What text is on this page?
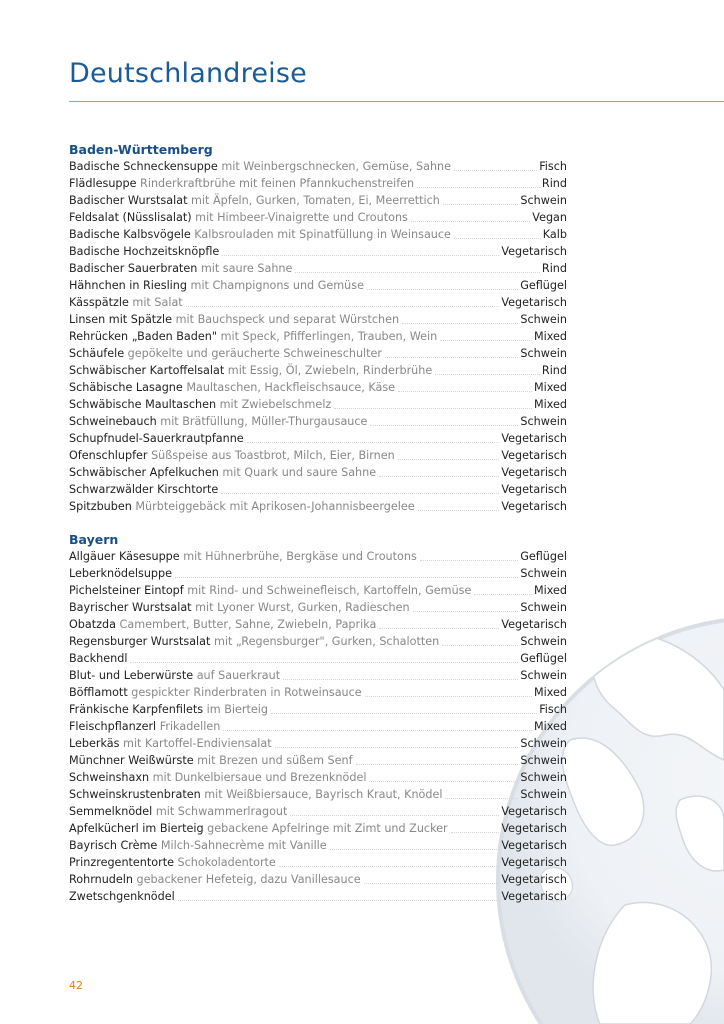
Deutschlandreise
Baden-Württemberg
Badische Schneckensuppe mit Weinbergschnecken, Gemüse, Sahne	Fisch
Flädlesuppe Rinderkraftbrühe mit feinen Pfannkuchenstreifen	Rind
Badischer Wurstsalat mit Äpfeln, Gurken, Tomaten, Ei, Meerrettich	Schwein
Feldsalat (Nüsslisalat) mit Himbeer-Vinaigrette und Croutons	Vegan
Badische Kalbsvögele Kalbsrouladen mit Spinatfüllung in Weinsauce	Kalb
Badische Hochzeitsknöpfle	Vegetarisch
Badischer Sauerbraten mit saure Sahne	Rind
Hähnchen in Riesling mit Champignons und Gemüse	Geflügel
Kässpätzle mit Salat	Vegetarisch
Linsen mit Spätzle mit Bauchspeck und separat Würstchen	Schwein
Rehrücken „Baden Baden" mit Speck, Pfifferlingen, Trauben, Wein	Mixed
Schäufele gepökelte und geräucherte Schweineschulter	Schwein
Schwäbischer Kartoffelsalat mit Essig, Öl, Zwiebeln, Rinderbrühe	Rind
Schäbische Lasagne Maultaschen, Hackfleischsauce, Käse	Mixed
Schwäbische Maultaschen mit Zwiebelschmelz	Mixed
Schweinebauch mit Brätfüllung, Müller-Thurgausauce	Schwein
Schupfnudel-Sauerkrautpfanne	Vegetarisch
Ofenschlupfer Süßspeise aus Toastbrot, Milch, Eier, Birnen	Vegetarisch
Schwäbischer Apfelkuchen mit Quark und saure Sahne	Vegetarisch
Schwarzwälder Kirschtorte	Vegetarisch
Spitzbuben Mürbteiggebäck mit Aprikosen-Johannisbeergelee	Vegetarisch
Bayern
Allgäuer Käsesuppe mit Hühnerbrühe, Bergkäse und Croutons	Geflügel
Leberknödelsuppe	Schwein
Pichelsteiner Eintopf mit Rind- und Schweinefleisch, Kartoffeln, Gemüse	Mixed
Bayrischer Wurstsalat mit Lyoner Wurst, Gurken, Radieschen	Schwein
Obatzda Camembert, Butter, Sahne, Zwiebeln, Paprika	Vegetarisch
Regensburger Wurstsalat mit „Regensburger", Gurken, Schalotten	Schwein
Backhendl	Geflügel
Blut- und Leberwürste auf Sauerkraut	Schwein
Böfflamott gespickter Rinderbraten in Rotweinsauce	Mixed
Fränkische Karpfenfilets im Bierteig	Fisch
Fleischpflanzerl Frikadellen	Mixed
Leberkäs mit Kartoffel-Endiviensalat	Schwein
Münchner Weißwürste mit Brezen und süßem Senf	Schwein
Schweinshaxn mit Dunkelbiersaue und Brezenknödel	Schwein
Schweinskrustenbraten mit Weißbiersauce, Bayrisch Kraut, Knödel	Schwein
Semmelknödel mit Schwammerlragout	Vegetarisch
Apfelkücherl im Bierteig gebackene Apfelringe mit Zimt und Zucker	Vegetarisch
Bayrisch Crème Milch-Sahnecrème mit Vanille	Vegetarisch
Prinzregententorte Schokoladentorte	Vegetarisch
Rohrnudeln gebackener Hefeteig, dazu Vanillesauce	Vegetarisch
Zwetschgenknödel	Vegetarisch
42
